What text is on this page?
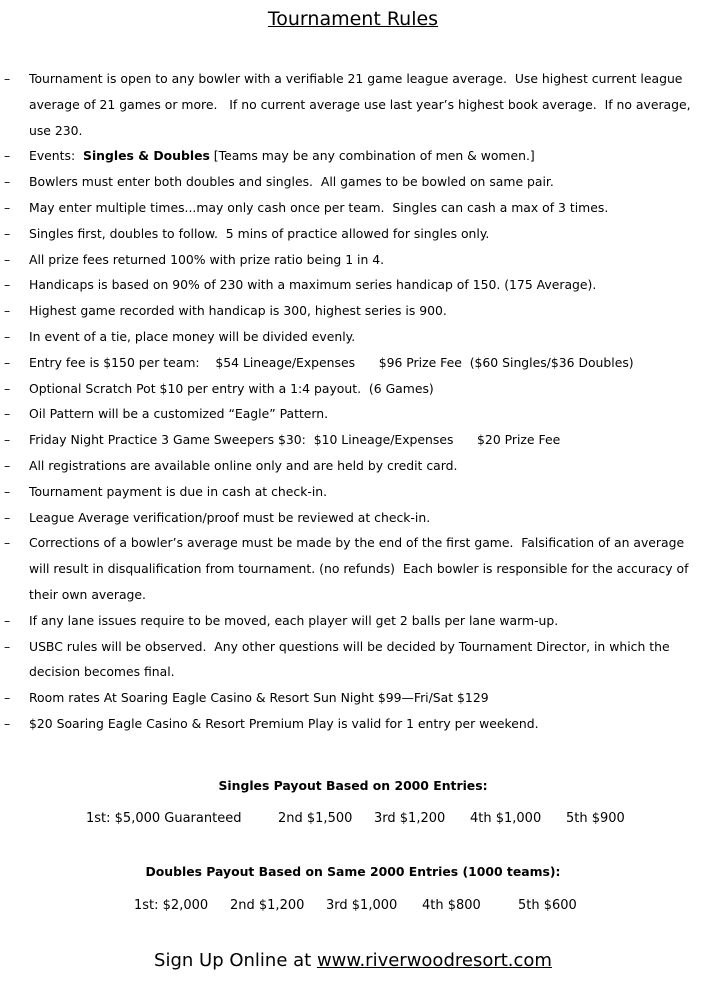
Tournament Rules
– Tournament is open to any bowler with a verifiable 21 game league average.  Use highest current league average of 21 games or more.   If no current average use last year’s highest book average.  If no average, use 230.
– Events:  Singles & Doubles [Teams may be any combination of men & women.]
– Bowlers must enter both doubles and singles.  All games to be bowled on same pair.
– May enter multiple times...may only cash once per team.  Singles can cash a max of 3 times.
– Singles first, doubles to follow.  5 mins of practice allowed for singles only.
– All prize fees returned 100% with prize ratio being 1 in 4.
– Handicaps is based on 90% of 230 with a maximum series handicap of 150. (175 Average).
– Highest game recorded with handicap is 300, highest series is 900.
– In event of a tie, place money will be divided evenly.
– Entry fee is $150 per team:    $54 Lineage/Expenses      $96 Prize Fee  ($60 Singles/$36 Doubles)
– Optional Scratch Pot $10 per entry with a 1:4 payout.  (6 Games)
– Oil Pattern will be a customized “Eagle” Pattern.
– Friday Night Practice 3 Game Sweepers $30:  $10 Lineage/Expenses      $20 Prize Fee
– All registrations are available online only and are held by credit card.
– Tournament payment is due in cash at check-in.
– League Average verification/proof must be reviewed at check-in.
– Corrections of a bowler’s average must be made by the end of the first game.  Falsification of an average will result in disqualification from tournament. (no refunds)  Each bowler is responsible for the accuracy of their own average.
– If any lane issues require to be moved, each player will get 2 balls per lane warm-up.
– USBC rules will be observed.  Any other questions will be decided by Tournament Director, in which the decision becomes final.
– Room rates At Soaring Eagle Casino & Resort Sun Night $99—Fri/Sat $129
– $20 Soaring Eagle Casino & Resort Premium Play is valid for 1 entry per weekend.
Singles Payout Based on 2000 Entries:
1st: $5,000 Guaranteed	2nd $1,500 3rd $1,200 4th $1,000 5th $900
Doubles Payout Based on Same 2000 Entries (1000 teams):
1st: $2,000 2nd $1,200 3rd $1,000 4th $800	5th $600
Sign Up Online at www.riverwoodresort.com
